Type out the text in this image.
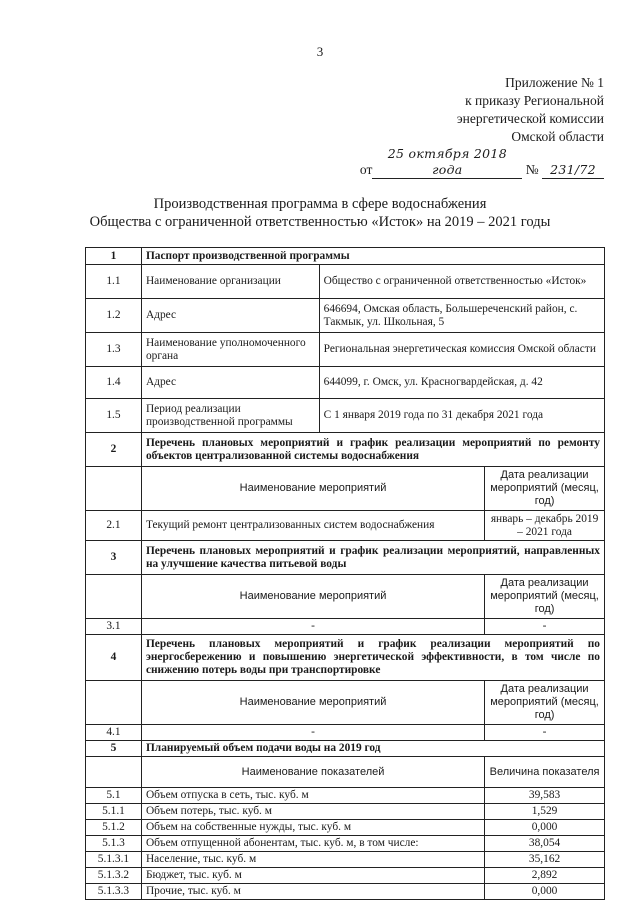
3
Приложение № 1
к приказу Региональной
энергетической комиссии
Омской области
от25 октября 2018 года	№ 231/72
Производственная программа в сфере водоснабжения
Общества с ограниченной ответственностью «Исток» на 2019 – 2021 годы
1	Паспорт производственной программы		
1.1	Наименование организации	Общество с ограниченной ответственностью «Исток»	
1.2	Адрес	646694, Омская область, Большереченский район, с. Такмык, ул. Школьная, 5	
1.3	Наименование уполномоченного органа	Региональная энергетическая комиссия Омской области	
1.4	Адрес	644099, г. Омск, ул. Красногвардейская, д. 42	
1.5	Период реализации производственной программы	С 1 января 2019 года по 31 декабря 2021 года	
2	Перечень плановых мероприятий и график реализации мероприятий по ремонту объектов централизованной системы водоснабжения		
	Наименование мероприятий		Дата реализации мероприятий (месяц, год)
2.1	Текущий ремонт централизованных систем водоснабжения		январь – декабрь 2019 – 2021 года
3	Перечень плановых мероприятий и график реализации мероприятий, направленных на улучшение качества питьевой воды		
	Наименование мероприятий		Дата реализации мероприятий (месяц, год)
3.1	-		-
4	Перечень плановых мероприятий и график реализации мероприятий по энергосбережению и повышению энергетической эффективности, в том числе по снижению потерь воды при транспортировке		
	Наименование мероприятий		Дата реализации мероприятий (месяц, год)
4.1	-		-
5	Планируемый объем подачи воды на 2019 год		
	Наименование показателей		Величина показателя
5.1	Объем отпуска в сеть, тыс. куб. м		39,583
5.1.1	Объем потерь, тыс. куб. м		1,529
5.1.2	Объем на собственные нужды, тыс. куб. м		0,000
5.1.3	Объем отпущенной абонентам, тыс. куб. м, в том числе:		38,054
5.1.3.1	Население, тыс. куб. м		35,162
5.1.3.2	Бюджет, тыс. куб. м		2,892
5.1.3.3	Прочие, тыс. куб. м		0,000
